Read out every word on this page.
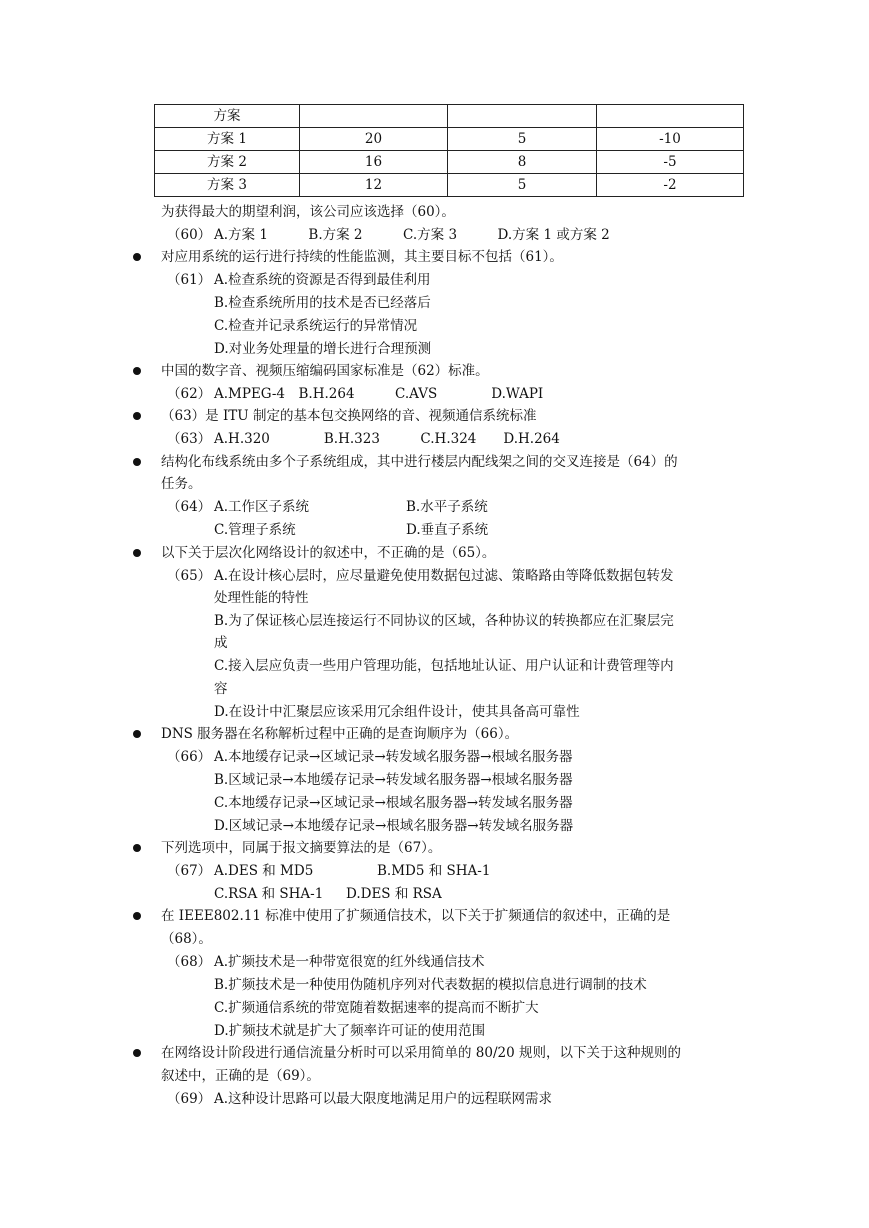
方案			
方案 1	20	5	-10
方案 2	16	8	-5
方案 3	12	5	-2
为获得最大的期望利润，该公司应该选择（60）。
（60） A.方案 1　　　B.方案 2　　　C.方案 3　　　D.方案 1 或方案 2
对应用系统的运行进行持续的性能监测，其主要目标不包括（61）。
（61） A.检查系统的资源是否得到最佳利用
B.检查系统所用的技术是否已经落后
C.检查并记录系统运行的异常情况
D.对业务处理量的增长进行合理预测
中国的数字音、视频压缩编码国家标准是（62）标准。
（62） A.MPEG-4　B.H.264　　　C.AVS　　　　D.WAPI
（63）是 ITU 制定的基本包交换网络的音、视频通信系统标准
（63） A.H.320　　　　B.H.323　　　C.H.324　　D.H.264
结构化布线系统由多个子系统组成，其中进行楼层内配线架之间的交叉连接是（64）的
任务。
（64） A.工作区子系统	B.水平子系统
C.管理子系统	D.垂直子系统
以下关于层次化网络设计的叙述中，不正确的是（65）。
（65） A.在设计核心层时，应尽量避免使用数据包过滤、策略路由等降低数据包转发
处理性能的特性
B.为了保证核心层连接运行不同协议的区域，各种协议的转换都应在汇聚层完
成
C.接入层应负责一些用户管理功能，包括地址认证、用户认证和计费管理等内
容
D.在设计中汇聚层应该采用冗余组件设计，使其具备高可靠性
DNS 服务器在名称解析过程中正确的是查询顺序为（66）。
（66） A.本地缓存记录→区域记录→转发域名服务器→根域名服务器
B.区域记录→本地缓存记录→转发域名服务器→根域名服务器
C.本地缓存记录→区域记录→根域名服务器→转发域名服务器
D.区域记录→本地缓存记录→根域名服务器→转发域名服务器
下列选项中，同属于报文摘要算法的是（67）。
（67） A.DES 和 MD5	B.MD5 和 SHA-1
C.RSA 和 SHA-1 D.DES 和 RSA
在 IEEE802.11 标准中使用了扩频通信技术，以下关于扩频通信的叙述中，正确的是
（68）。
（68） A.扩频技术是一种带宽很宽的红外线通信技术
B.扩频技术是一种使用伪随机序列对代表数据的模拟信息进行调制的技术
C.扩频通信系统的带宽随着数据速率的提高而不断扩大
D.扩频技术就是扩大了频率许可证的使用范围
在网络设计阶段进行通信流量分析时可以采用简单的 80/20 规则，以下关于这种规则的
叙述中，正确的是（69）。
（69） A.这种设计思路可以最大限度地满足用户的远程联网需求
